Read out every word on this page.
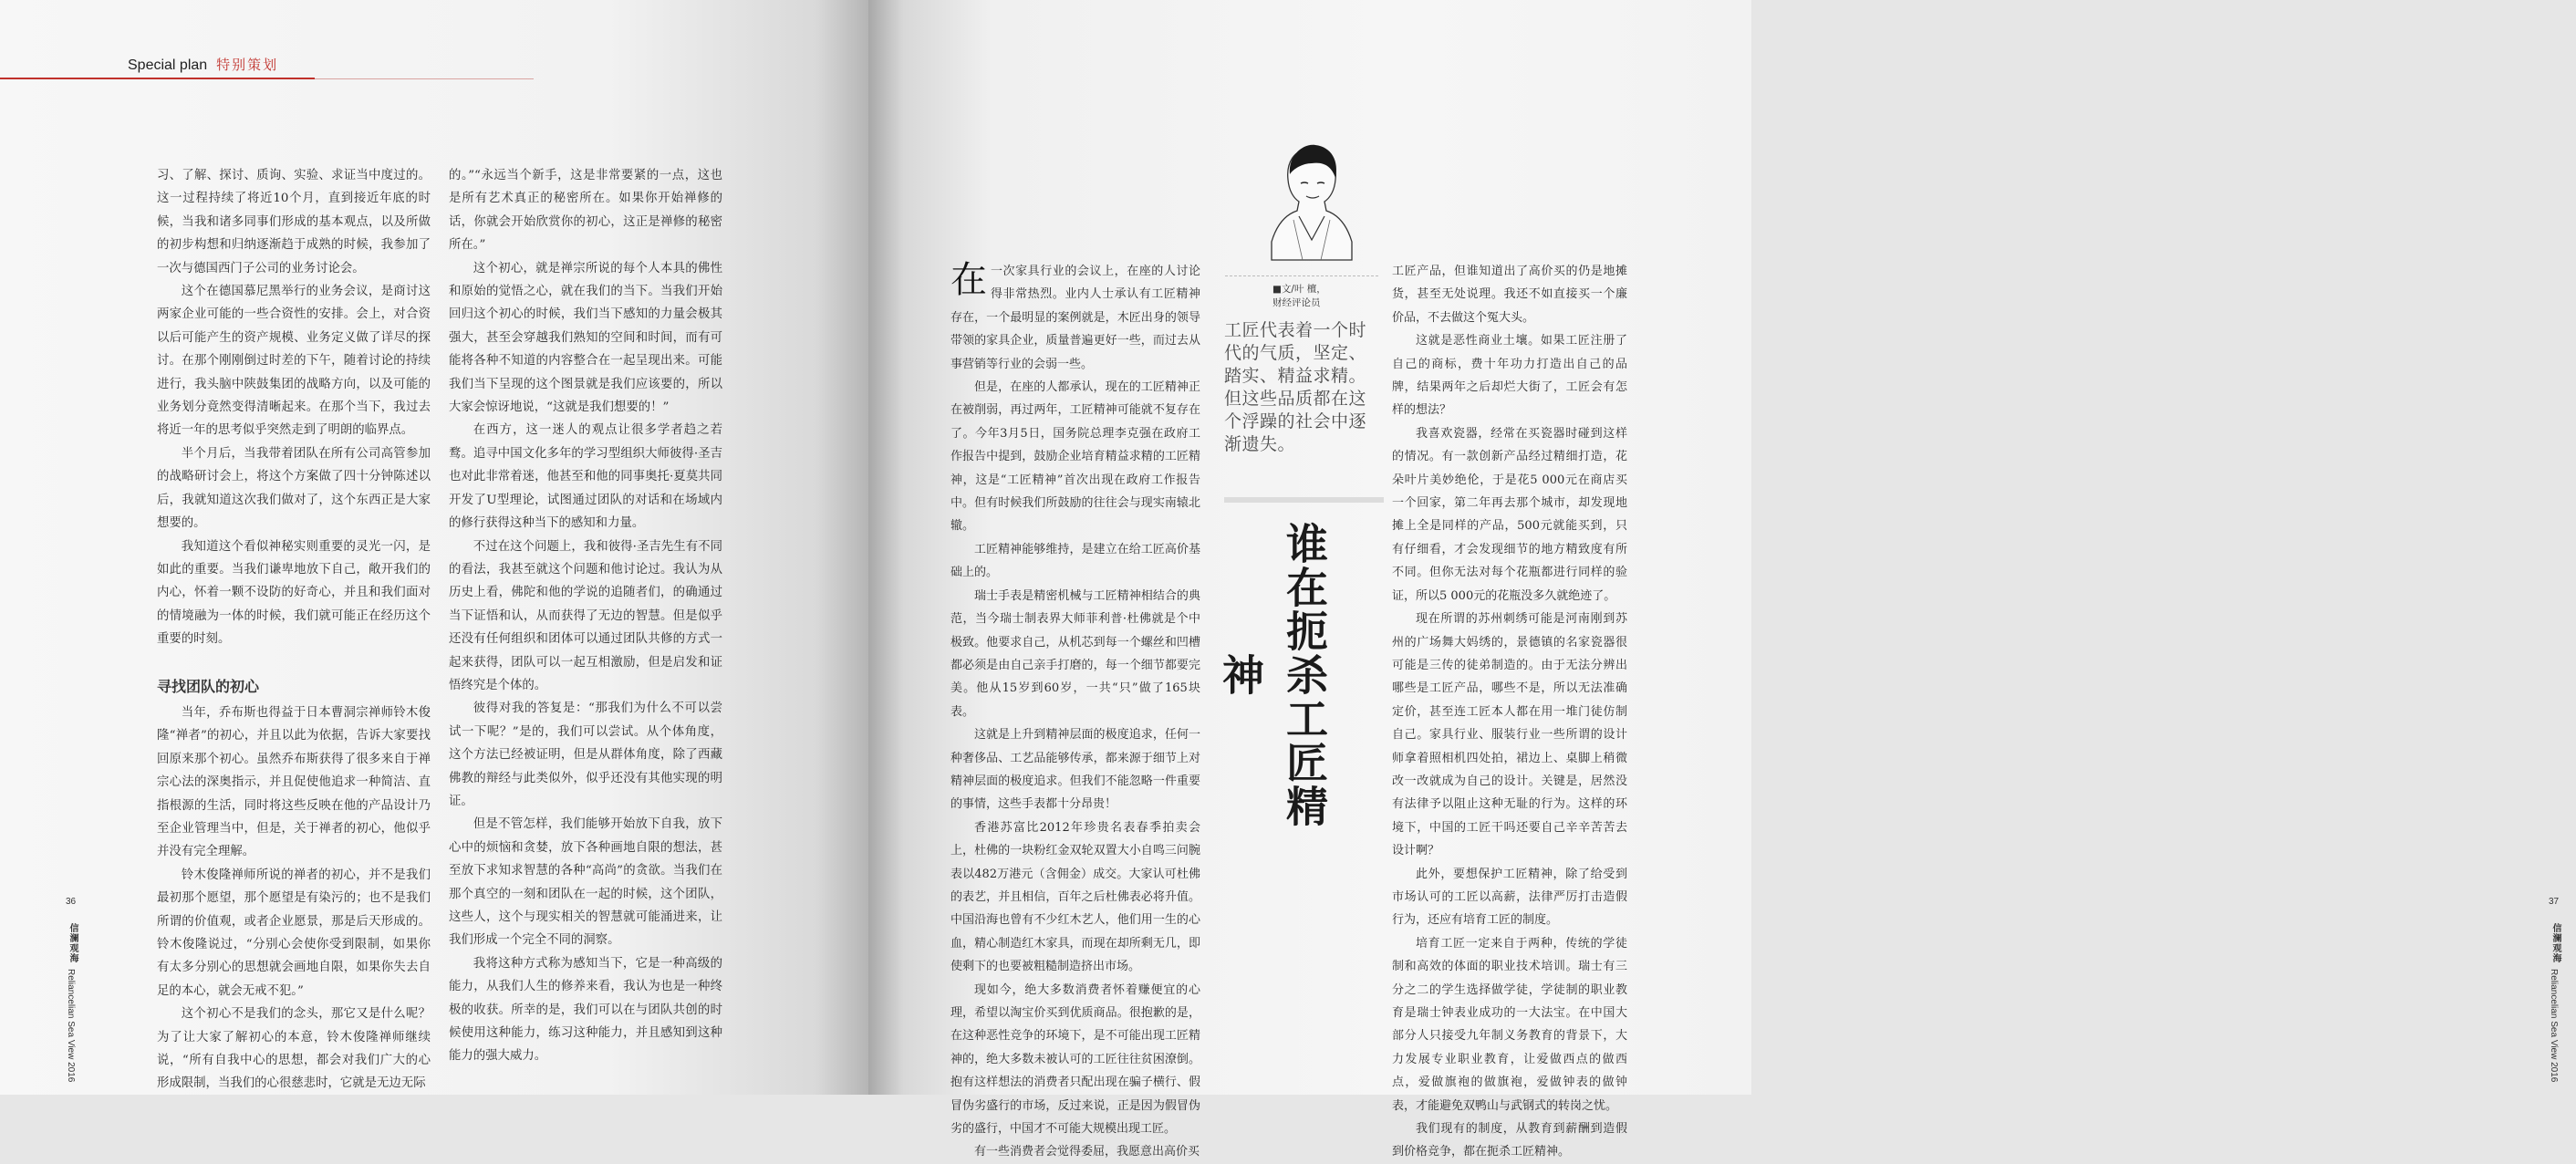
Special plan 特别策划

习、了解、探讨、质询、实验、求证当中度过的。这一过程持续了将近10个月，直到接近年底的时候，当我和诸多同事们形成的基本观点，以及所做的初步构想和归纳逐渐趋于成熟的时候，我参加了一次与德国西门子公司的业务讨论会。

这个在德国慕尼黑举行的业务会议，是商讨这两家企业可能的一些合资性的安排。会上，对合资以后可能产生的资产规模、业务定义做了详尽的探讨。在那个刚刚倒过时差的下午，随着讨论的持续进行，我头脑中陕鼓集团的战略方向，以及可能的业务划分竟然变得清晰起来。在那个当下，我过去将近一年的思考似乎突然走到了明朗的临界点。

半个月后，当我带着团队在所有公司高管参加的战略研讨会上，将这个方案做了四十分钟陈述以后，我就知道这次我们做对了，这个东西正是大家想要的。

我知道这个看似神秘实则重要的灵光一闪，是如此的重要。当我们谦卑地放下自己，敞开我们的内心，怀着一颗不设防的好奇心，并且和我们面对的情境融为一体的时候，我们就可能正在经历这个重要的时刻。

寻找团队的初心

当年，乔布斯也得益于日本曹洞宗禅师铃木俊隆“禅者”的初心，并且以此为依据，告诉大家要找回原来那个初心。虽然乔布斯获得了很多来自于禅宗心法的深奥指示，并且促使他追求一种简洁、直指根源的生活，同时将这些反映在他的产品设计乃至企业管理当中，但是，关于禅者的初心，他似乎并没有完全理解。

铃木俊隆禅师所说的禅者的初心，并不是我们最初那个愿望，那个愿望是有染污的；也不是我们所谓的价值观，或者企业愿景，那是后天形成的。铃木俊隆说过，“分别心会使你受到限制，如果你有太多分别心的思想就会画地自限，如果你失去自足的本心，就会无戒不犯。”

这个初心不是我们的念头，那它又是什么呢？为了让大家了解初心的本意，铃木俊隆禅师继续说，“所有自我中心的思想，都会对我们广大的心形成限制，当我们的心很慈悲时，它就是无边无际

的。”“永远当个新手，这是非常要紧的一点，这也是所有艺术真正的秘密所在。如果你开始禅修的话，你就会开始欣赏你的初心，这正是禅修的秘密所在。”

这个初心，就是禅宗所说的每个人本具的佛性和原始的觉悟之心，就在我们的当下。当我们开始回归这个初心的时候，我们当下感知的力量会极其强大，甚至会穿越我们熟知的空间和时间，而有可能将各种不知道的内容整合在一起呈现出来。可能我们当下呈现的这个图景就是我们应该要的，所以大家会惊讶地说，“这就是我们想要的！”

在西方，这一迷人的观点让很多学者趋之若鹜。追寻中国文化多年的学习型组织大师彼得·圣吉也对此非常着迷，他甚至和他的同事奥托·夏莫共同开发了U型理论，试图通过团队的对话和在场域内的修行获得这种当下的感知和力量。

不过在这个问题上，我和彼得·圣吉先生有不同的看法，我甚至就这个问题和他讨论过。我认为从历史上看，佛陀和他的学说的追随者们，的确通过当下证悟和认，从而获得了无边的智慧。但是似乎还没有任何组织和团体可以通过团队共修的方式一起来获得，团队可以一起互相激励，但是启发和证悟终究是个体的。

彼得对我的答复是：“那我们为什么不可以尝试一下呢？”是的，我们可以尝试。从个体角度，这个方法已经被证明，但是从群体角度，除了西藏佛教的辩经与此类似外，似乎还没有其他实现的明证。

但是不管怎样，我们能够开始放下自我，放下心中的烦恼和贪婪，放下各种画地自限的想法，甚至放下求知求智慧的各种“高尚”的贪欲。当我们在那个真空的一刻和团队在一起的时候，这个团队，这些人，这个与现实相关的智慧就可能涌进来，让我们形成一个完全不同的洞察。

我将这种方式称为感知当下，它是一种高级的能力，从我们人生的修养来看，我认为也是一种终极的收获。所幸的是，我们可以在与团队共创的时候使用这种能力，练习这种能力，并且感知到这种能力的强大威力。

36
信澜观海
Reliancelian Sea View 2016

在一次家具行业的会议上，在座的人讨论得非常热烈。业内人士承认有工匠精神存在，一个最明显的案例就是，木匠出身的领导带领的家具企业，质量普遍更好一些，而过去从事营销等行业的会弱一些。

但是，在座的人都承认，现在的工匠精神正在被削弱，再过两年，工匠精神可能就不复存在了。今年3月5日，国务院总理李克强在政府工作报告中提到，鼓励企业培育精益求精的工匠精神，这是“工匠精神”首次出现在政府工作报告中。但有时候我们所鼓励的往往会与现实南辕北辙。

工匠精神能够维持，是建立在给工匠高价基础上的。

瑞士手表是精密机械与工匠精神相结合的典范，当今瑞士制表界大师菲利普·杜佛就是个中极致。他要求自己，从机芯到每一个螺丝和凹槽都必须是由自己亲手打磨的，每一个细节都要完美。他从15岁到60岁，一共“只”做了165块表。

这就是上升到精神层面的极度追求，任何一种奢侈品、工艺品能够传承，都来源于细节上对精神层面的极度追求。但我们不能忽略一件重要的事情，这些手表都十分昂贵！

香港苏富比2012年珍贵名表春季拍卖会上，杜佛的一块粉红金双轮双置大小自鸣三问腕表以482万港元（含佣金）成交。大家认可杜佛的表艺，并且相信，百年之后杜佛表必将升值。中国沿海也曾有不少红木艺人，他们用一生的心血，精心制造红木家具，而现在却所剩无几，即使剩下的也要被粗糙制造挤出市场。

现如今，绝大多数消费者怀着赚便宜的心理，希望以淘宝价买到优质商品。很抱歉的是，在这种恶性竞争的环境下，是不可能出现工匠精神的，绝大多数未被认可的工匠往往贫困潦倒。抱有这样想法的消费者只配出现在骗子横行、假冒伪劣盛行的市场，反过来说，正是因为假冒伪劣的盛行，中国才不可能大规模出现工匠。

有一些消费者会觉得委屈，我愿意出高价买

工匠产品，但谁知道出了高价买的仍是地摊货，甚至无处说理。我还不如直接买一个廉价品，不去做这个冤大头。

这就是恶性商业土壤。如果工匠注册了自己的商标，费十年功力打造出自己的品牌，结果两年之后却烂大街了，工匠会有怎样的想法？

我喜欢瓷器，经常在买瓷器时碰到这样的情况。有一款创新产品经过精细打造，花朵叶片美妙绝伦，于是花5 000元在商店买一个回家，第二年再去那个城市，却发现地摊上全是同样的产品，500元就能买到，只有仔细看，才会发现细节的地方精致度有所不同。但你无法对每个花瓶都进行同样的验证，所以5 000元的花瓶没多久就绝迹了。

现在所谓的苏州刺绣可能是河南刚到苏州的广场舞大妈绣的，景德镇的名家瓷器很可能是三传的徒弟制造的。由于无法分辨出哪些是工匠产品，哪些不是，所以无法准确定价，甚至连工匠本人都在用一堆门徒仿制自己。家具行业、服装行业一些所谓的设计师拿着照相机四处拍，裙边上、桌脚上稍微改一改就成为自己的设计。关键是，居然没有法律予以阻止这种无耻的行为。这样的环境下，中国的工匠干吗还要自己辛辛苦苦去设计啊？

此外，要想保护工匠精神，除了给受到市场认可的工匠以高薪，法律严厉打击造假行为，还应有培育工匠的制度。

培育工匠一定来自于两种，传统的学徒制和高效的体面的职业技术培训。瑞士有三分之二的学生选择做学徒，学徒制的职业教育是瑞士钟表业成功的一大法宝。在中国大部分人只接受九年制义务教育的背景下，大力发展专业职业教育，让爱做西点的做西点，爱做旗袍的做旗袍，爱做钟表的做钟表，才能避免双鸭山与武钢式的转岗之忧。

我们现有的制度，从教育到薪酬到造假到价格竞争，都在扼杀工匠精神。

37
信澜观海
Reliancelian Sea View 2016
■文/叶 檀，
财经评论员
工匠代表着一个时代的气质，坚定、踏实、精益求精。但这些品质都在这个浮躁的社会中逐渐遗失。
谁在扼杀工匠精神
